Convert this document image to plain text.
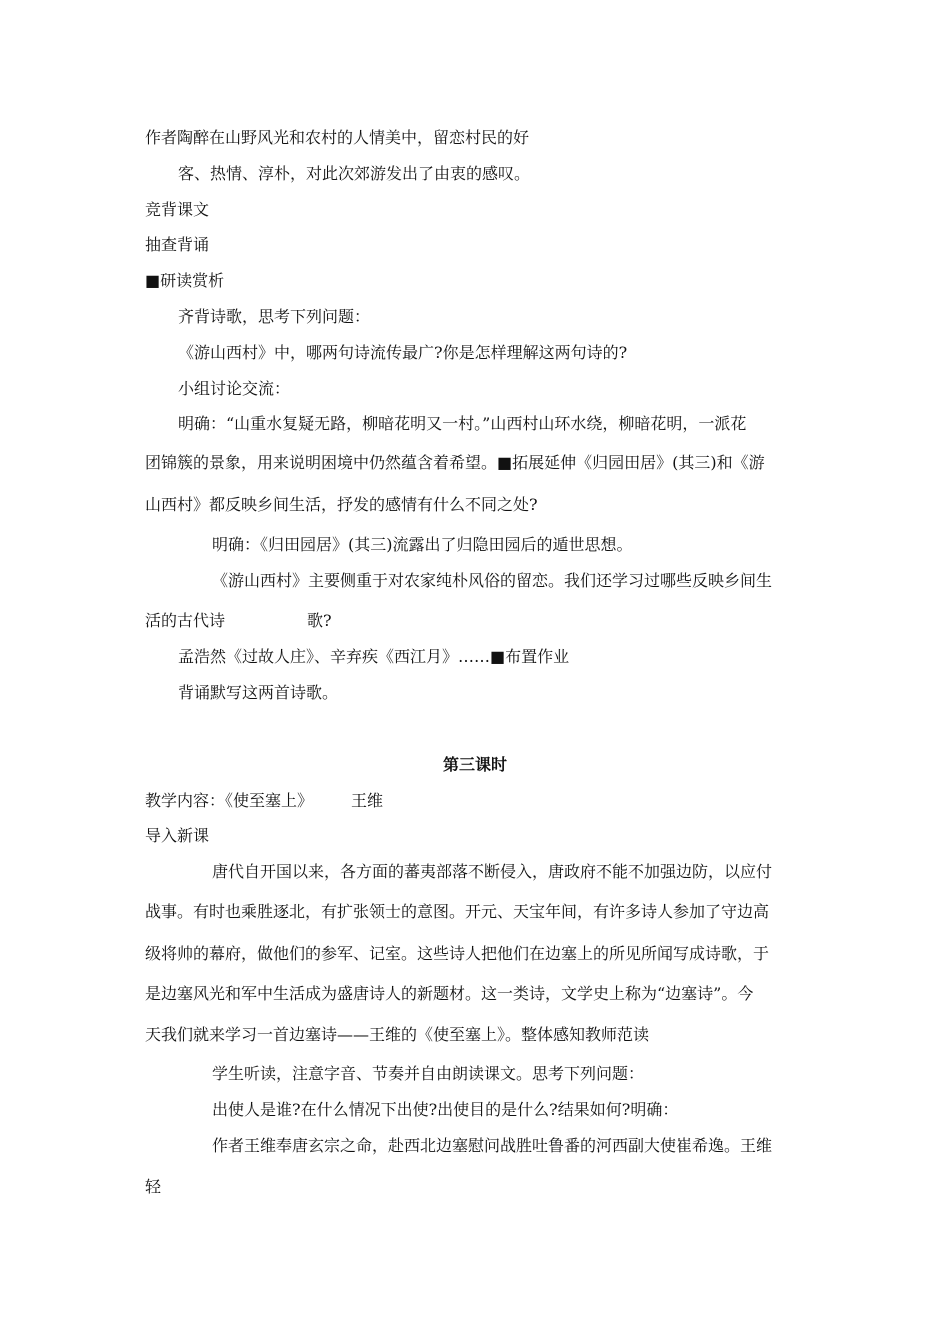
作者陶醉在山野风光和农村的人情美中，留恋村民的好

客、热情、淳朴，对此次郊游发出了由衷的感叹。

竞背课文

抽查背诵

■研读赏析

齐背诗歌，思考下列问题：

《游山西村》中，哪两句诗流传最广?你是怎样理解这两句诗的?

小组讨论交流：

明确：“山重水复疑无路，柳暗花明又一村。”山西村山环水绕，柳暗花明，一派花

团锦簇的景象，用来说明困境中仍然蕴含着希望。■拓展延伸《归园田居》(其三)和《游

山西村》都反映乡间生活，抒发的感情有什么不同之处?

明确：《归田园居》(其三)流露出了归隐田园后的遁世思想。

《游山西村》主要侧重于对农家纯朴风俗的留恋。我们还学习过哪些反映乡间生

活的古代诗	歌?

孟浩然《过故人庄》、辛弃疾《西江月》……■布置作业

背诵默写这两首诗歌。

第三课时

教学内容：《使至塞上》 王维

导入新课

唐代自开国以来，各方面的蕃夷部落不断侵入，唐政府不能不加强边防，以应付

战事。有时也乘胜逐北，有扩张领士的意图。开元、天宝年间，有许多诗人参加了守边高

级将帅的幕府，做他们的参军、记室。这些诗人把他们在边塞上的所见所闻写成诗歌，于

是边塞风光和军中生活成为盛唐诗人的新题材。这一类诗，文学史上称为“边塞诗”。今

天我们就来学习一首边塞诗——王维的《使至塞上》。整体感知教师范读

学生听读，注意字音、节奏并自由朗读课文。思考下列问题：

出使人是谁?在什么情况下出使?出使目的是什么?结果如何?明确：

作者王维奉唐玄宗之命，赴西北边塞慰问战胜吐鲁番的河西副大使崔希逸。王维

轻
